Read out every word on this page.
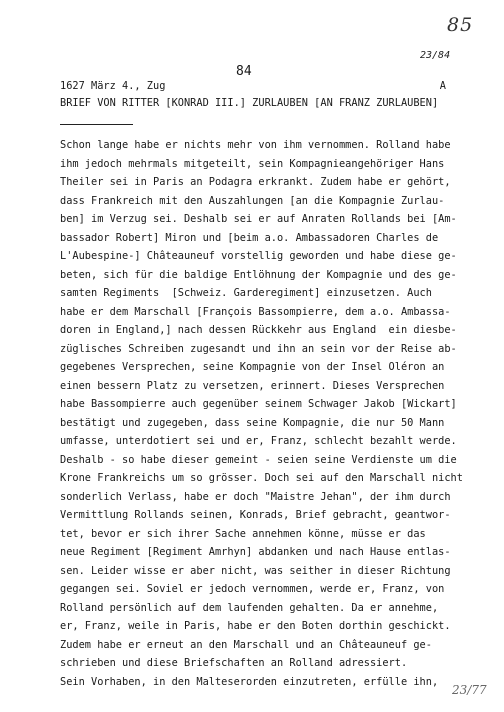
85
23/84
84
1627 März 4., Zug	A
BRIEF VON RITTER [KONRAD III.] ZURLAUBEN [AN FRANZ ZURLAUBEN]
Schon lange habe er nichts mehr von ihm vernommen. Rolland habe
ihm jedoch mehrmals mitgeteilt, sein Kompagnieangehöriger Hans
Theiler sei in Paris an Podagra erkrankt. Zudem habe er gehört,
dass Frankreich mit den Auszahlungen [an die Kompagnie Zurlau-
ben] im Verzug sei. Deshalb sei er auf Anraten Rollands bei [Am-
bassador Robert] Miron und [beim a.o. Ambassadoren Charles de
L'Aubespine-] Châteauneuf vorstellig geworden und habe diese ge-
beten, sich für die baldige Entlöhnung der Kompagnie und des ge-
samten Regiments  [Schweiz. Garderegiment] einzusetzen. Auch
habe er dem Marschall [François Bassompierre, dem a.o. Ambassa-
doren in England,] nach dessen Rückkehr aus England  ein diesbe-
züglisches Schreiben zugesandt und ihn an sein vor der Reise ab-
gegebenes Versprechen, seine Kompagnie von der Insel Oléron an
einen bessern Platz zu versetzen, erinnert. Dieses Versprechen
habe Bassompierre auch gegenüber seinem Schwager Jakob [Wickart]
bestätigt und zugegeben, dass seine Kompagnie, die nur 50 Mann
umfasse, unterdotiert sei und er, Franz, schlecht bezahlt werde.
Deshalb - so habe dieser gemeint - seien seine Verdienste um die
Krone Frankreichs um so grösser. Doch sei auf den Marschall nicht
sonderlich Verlass, habe er doch "Maistre Jehan", der ihm durch
Vermittlung Rollands seinen, Konrads, Brief gebracht, geantwor-
tet, bevor er sich ihrer Sache annehmen könne, müsse er das
neue Regiment [Regiment Amrhyn] abdanken und nach Hause entlas-
sen. Leider wisse er aber nicht, was seither in dieser Richtung
gegangen sei. Soviel er jedoch vernommen, werde er, Franz, von
Rolland persönlich auf dem laufenden gehalten. Da er annehme,
er, Franz, weile in Paris, habe er den Boten dorthin geschickt.
Zudem habe er erneut an den Marschall und an Châteauneuf ge-
schrieben und diese Briefschaften an Rolland adressiert.
Sein Vorhaben, in den Malteserorden einzutreten, erfülle ihn,
23/77
